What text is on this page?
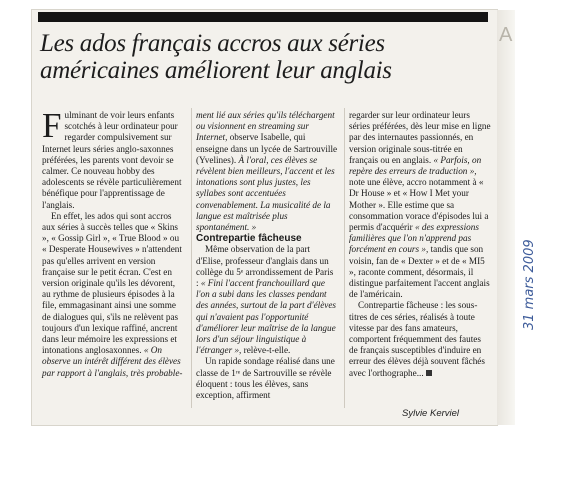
A
Les ados français accros aux séries américaines améliorent leur anglais

Fulminant de voir leurs enfants scotchés à leur ordinateur pour regarder compulsivement sur Internet leurs séries anglo-saxonnes préférées, les parents vont devoir se calmer. Ce nouveau hobby des adolescents se révèle particulièrement bénéfique pour l'apprentissage de l'anglais.

En effet, les ados qui sont accros aux séries à succès telles que « Skins », « Gossip Girl », « True Blood » ou « Desperate Housewives » n'attendent pas qu'elles arrivent en version française sur le petit écran. C'est en version originale qu'ils les dévorent, au rythme de plusieurs épisodes à la file, emmagasinant ainsi une somme de dialogues qui, s'ils ne relèvent pas toujours d'un lexique raffiné, ancrent dans leur mémoire les expressions et intonations anglosaxonnes. « On observe un intérêt différent des élèves par rapport à l'anglais, très probable-

ment lié aux séries qu'ils téléchargent ou visionnent en streaming sur Internet, observe Isabelle, qui enseigne dans un lycée de Sartrouville (Yvelines). À l'oral, ces élèves se révèlent bien meilleurs, l'accent et les intonations sont plus justes, les syllabes sont accentuées convenablement. La musicalité de la langue est maîtrisée plus spontanément. »

Contrepartie fâcheuse

Même observation de la part d'Elise, professeur d'anglais dans un collège du 5ᵉ arrondissement de Paris : « Fini l'accent franchouillard que l'on a subi dans les classes pendant des années, surtout de la part d'élèves qui n'avaient pas l'opportunité d'améliorer leur maîtrise de la langue lors d'un séjour linguistique à l'étranger », relève-t-elle.

Un rapide sondage réalisé dans une classe de 1ʳᵉ de Sartrouville se révèle éloquent : tous les élèves, sans exception, affirment

regarder sur leur ordinateur leurs séries préférées, dès leur mise en ligne par des internautes passionnés, en version originale sous-titrée en français ou en anglais. « Parfois, on repère des erreurs de traduction », note une élève, accro notamment à « Dr House » et « How I Met your Mother ». Elle estime que sa consommation vorace d'épisodes lui a permis d'acquérir « des expressions familières que l'on n'apprend pas forcément en cours », tandis que son voisin, fan de « Dexter » et de « MI5 », raconte comment, désormais, il distingue parfaitement l'accent anglais de l'américain.

Contrepartie fâcheuse : les sous-titres de ces séries, réalisés à toute vitesse par des fans amateurs, comportent fréquemment des fautes de français susceptibles d'induire en erreur des élèves déjà souvent fâchés avec l'orthographe...

Sylvie Kerviel
31 mars 2009
